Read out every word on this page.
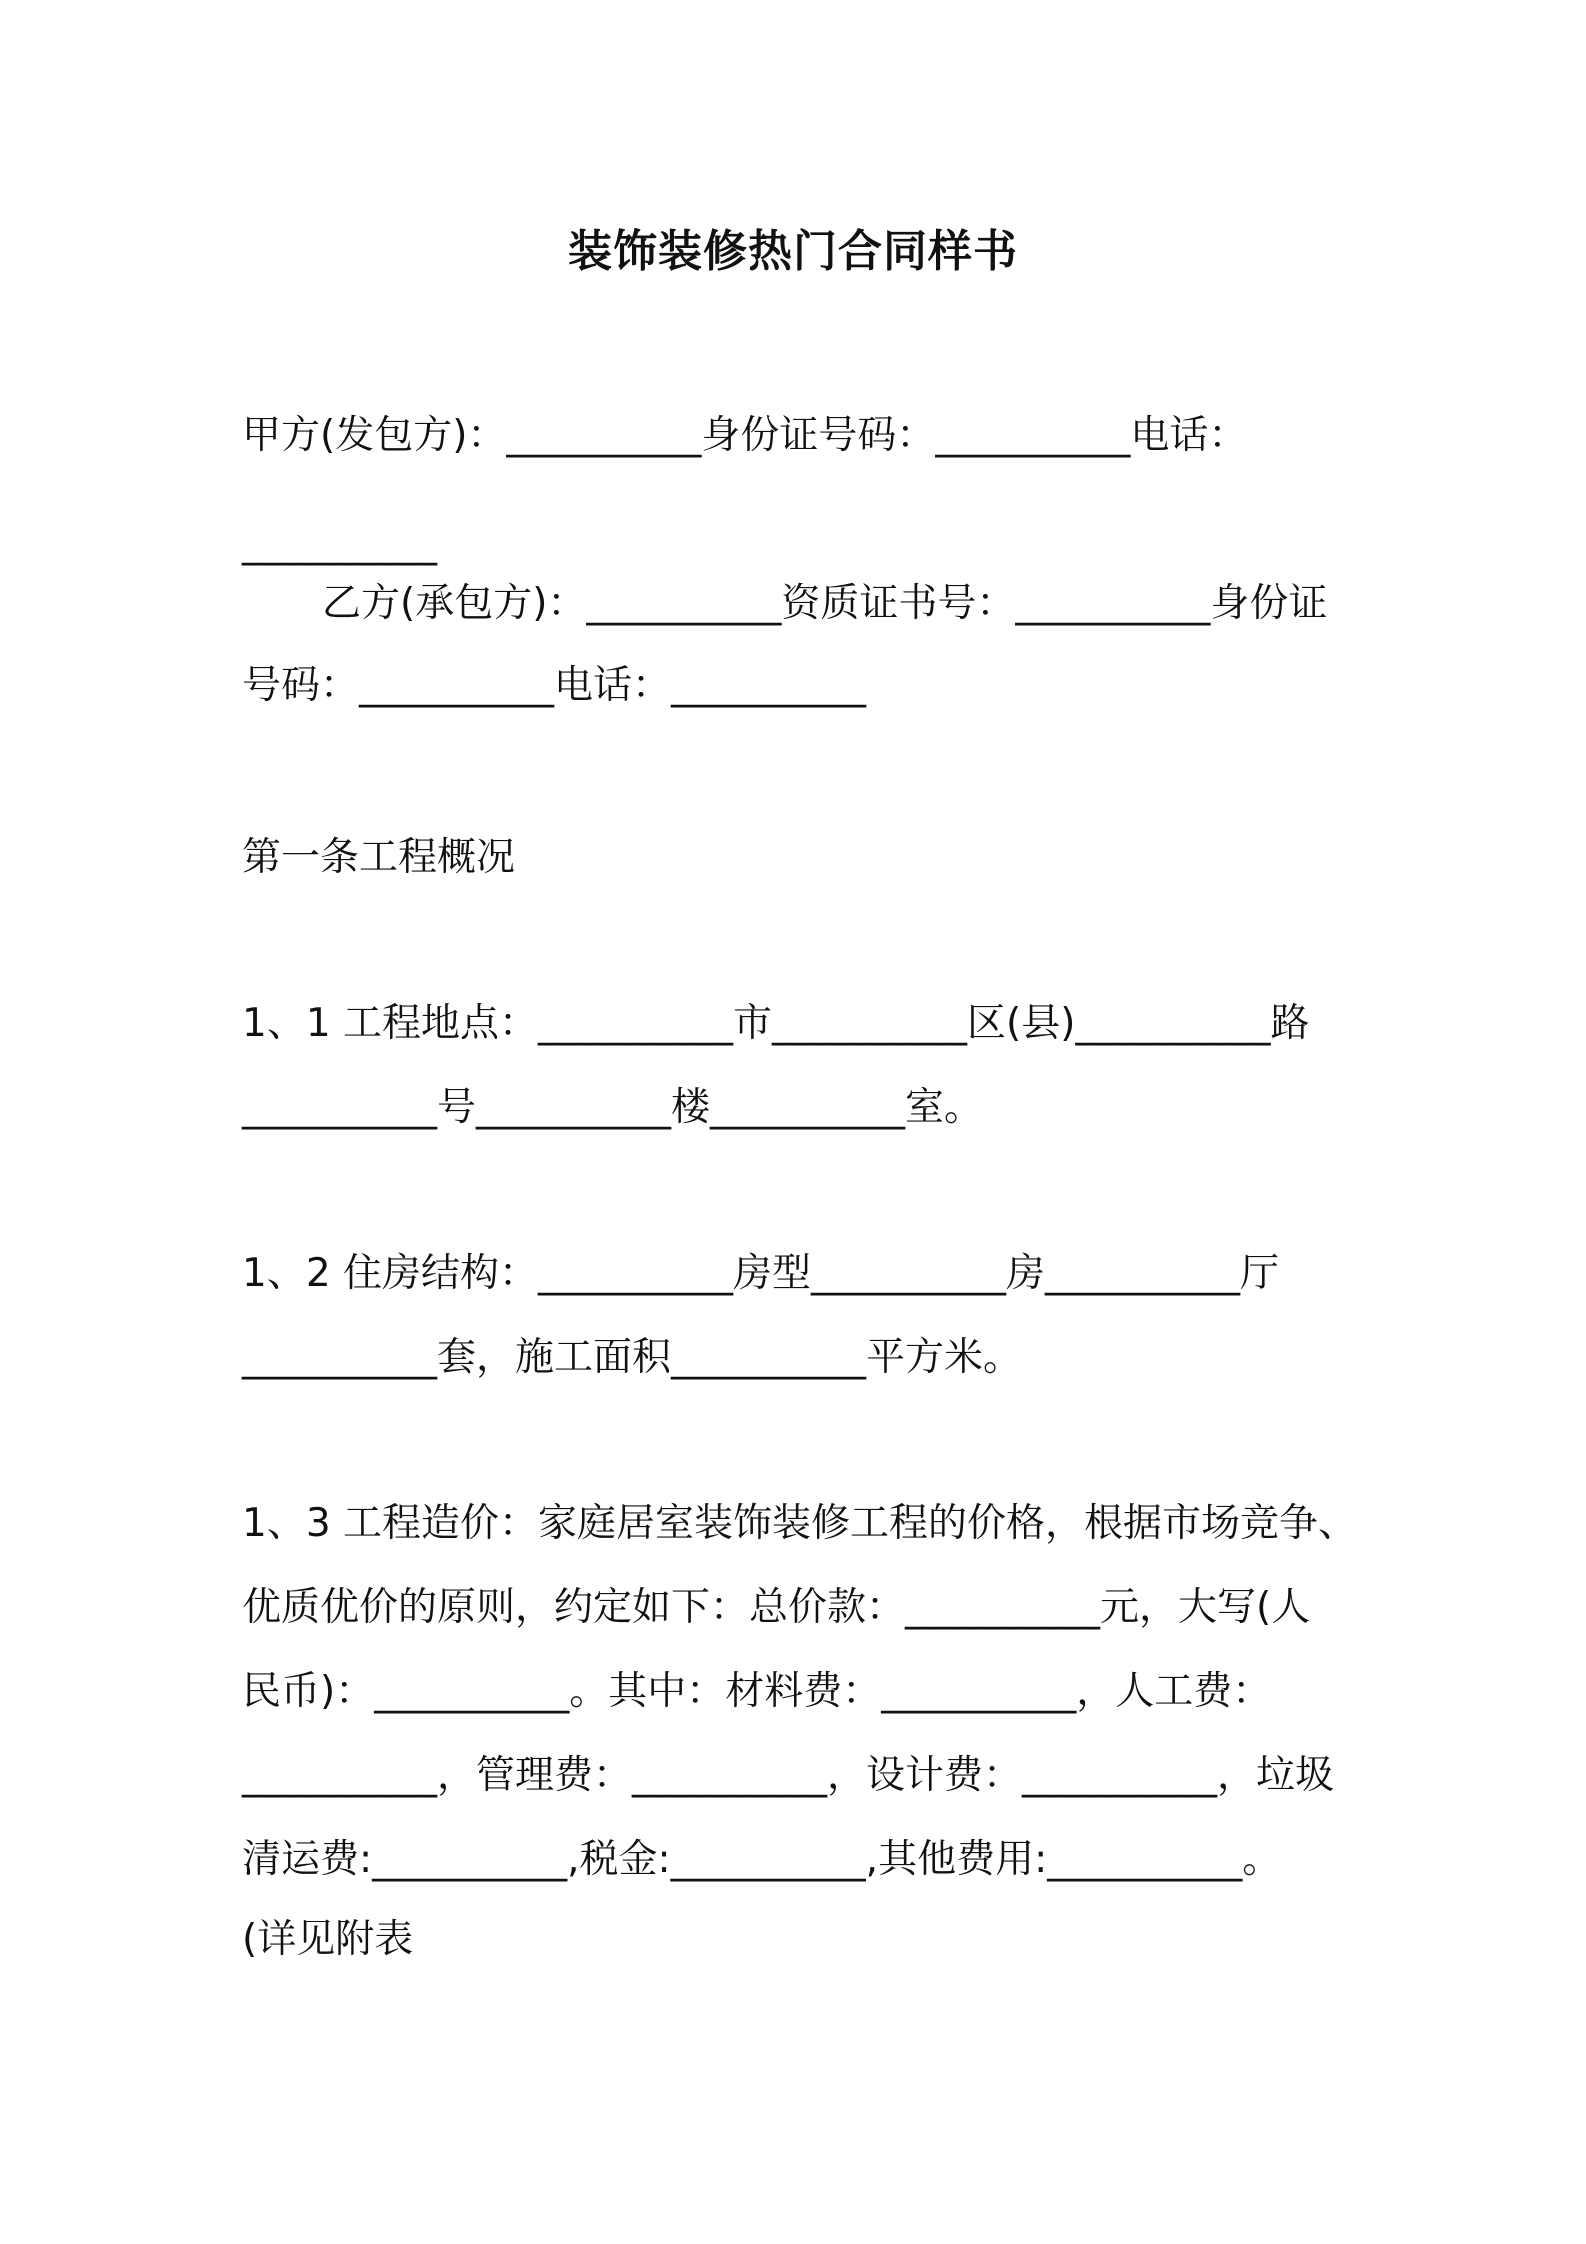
装饰装修热门合同样书
甲方(发包方)：__________身份证号码：__________电话：
__________
乙方(承包方)：__________资质证书号：__________身份证
号码：__________电话：__________
第一条工程概况
1、1 工程地点：__________市__________区(县)__________路
__________号__________楼__________室。
1、2 住房结构：__________房型__________房__________厅
__________套，施工面积__________平方米。
1、3 工程造价：家庭居室装饰装修工程的价格，根据市场竞争、
优质优价的原则，约定如下：总价款：__________元，大写(人
民币)：__________。其中：材料费：__________，人工费：
__________，管理费：__________，设计费：__________，垃圾
清运费:__________,税金:__________,其他费用:__________。
(详见附表
